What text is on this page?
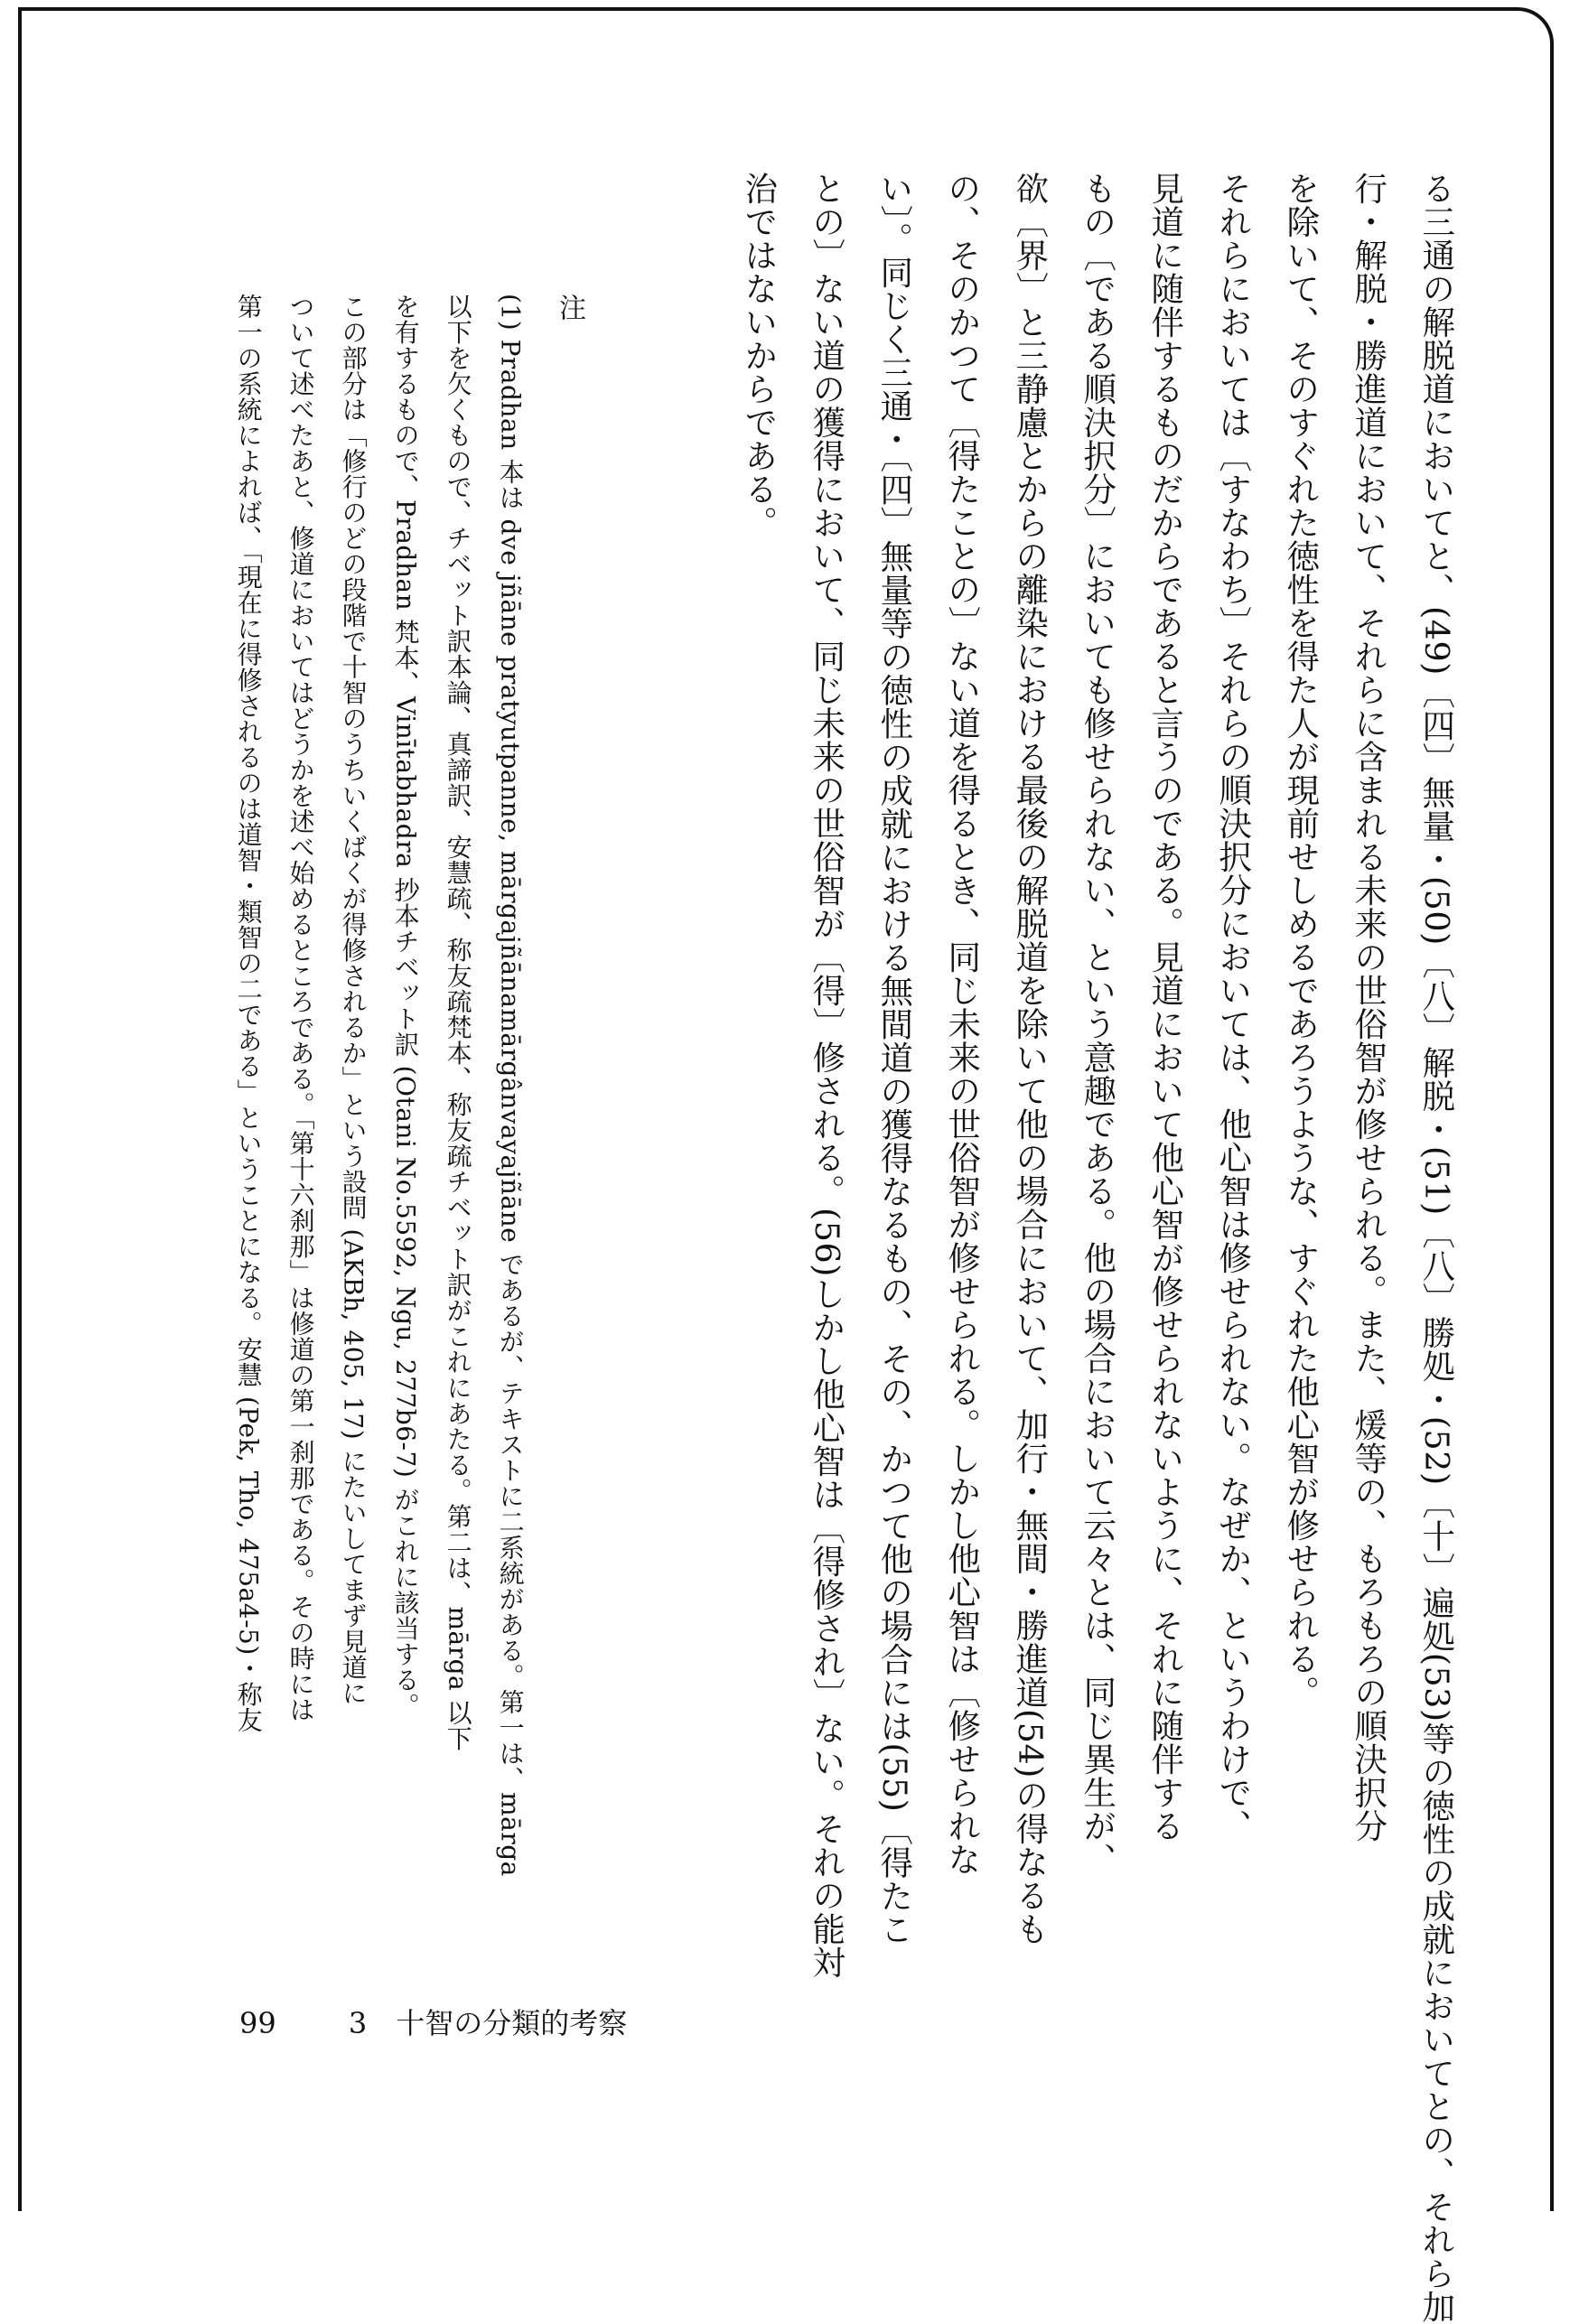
る三通の解脱道においてと、(49)〔四〕無量・(50)〔八〕解脱・(51)〔八〕勝処・(52)〔十〕遍処(53)等の徳性の成就においてとの、それら加
行・解脱・勝進道において、それらに含まれる未来の世俗智が修せられる。また、煖等の、もろもろの順決択分
を除いて、そのすぐれた徳性を得た人が現前せしめるであろうような、すぐれた他心智が修せられる。
それらにおいては〔すなわち〕それらの順決択分においては、他心智は修せられない。なぜか、というわけで、
見道に随伴するものだからであると言うのである。見道において他心智が修せられないように、それに随伴する
もの〔である順決択分〕においても修せられない、という意趣である。他の場合において云々とは、同じ異生が、
欲〔界〕と三静慮とからの離染における最後の解脱道を除いて他の場合において、加行・無間・勝進道(54)の得なるも
の、そのかつて〔得たことの〕ない道を得るとき、同じ未来の世俗智が修せられる。しかし他心智は〔修せられな
い〕。同じく三通・〔四〕無量等の徳性の成就における無間道の獲得なるもの、その、かつて他の場合には(55)〔得たこ
との〕ない道の獲得において、同じ未来の世俗智が〔得〕修される。(56)しかし他心智は〔得修され〕ない。それの能対
治ではないからである。
注
(1) Pradhan 本は dve jñāne pratyutpanne, mārgajñānamārgânvayajñāne であるが、テキストに二系統がある。第一は、mārga
以下を欠くもので、チベット訳本論、真諦訳、安慧疏、称友疏梵本、称友疏チベット訳がこれにあたる。第二は、mārga 以下
を有するもので、Pradhan 梵本、Vinītabhadra 抄本チベット訳 (Otani No.5592, Ngu, 277b6-7) がこれに該当する。
この部分は「修行のどの段階で十智のうちいくばくが得修されるか」という設問 (AKBh, 405, 17) にたいしてまず見道に
ついて述べたあと、修道においてはどうかを述べ始めるところである。「第十六刹那」は修道の第一刹那である。その時には
第一の系統によれば、「現在に得修されるのは道智・類智の二である」ということになる。安慧 (Pek, Tho, 475a4-5)・称友
99	3　十智の分類的考察
